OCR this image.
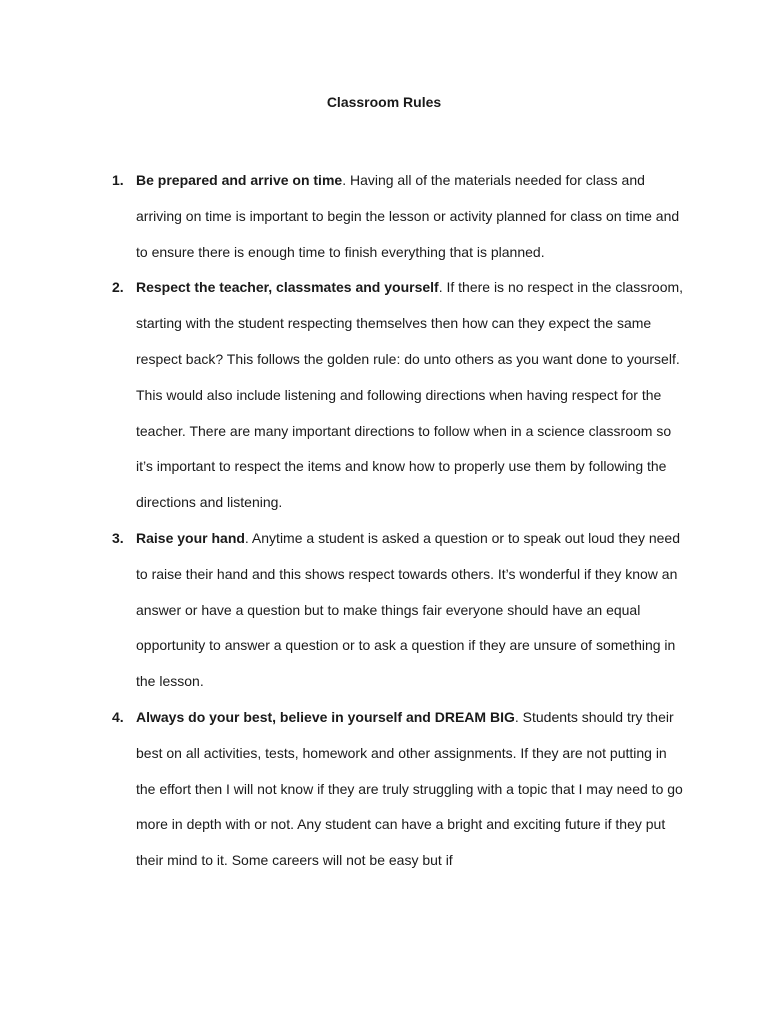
Classroom Rules
1. Be prepared and arrive on time. Having all of the materials needed for class and arriving on time is important to begin the lesson or activity planned for class on time and to ensure there is enough time to finish everything that is planned.
2. Respect the teacher, classmates and yourself. If there is no respect in the classroom, starting with the student respecting themselves then how can they expect the same respect back? This follows the golden rule: do unto others as you want done to yourself. This would also include listening and following directions when having respect for the teacher. There are many important directions to follow when in a science classroom so it’s important to respect the items and know how to properly use them by following the directions and listening.
3. Raise your hand. Anytime a student is asked a question or to speak out loud they need to raise their hand and this shows respect towards others. It’s wonderful if they know an answer or have a question but to make things fair everyone should have an equal opportunity to answer a question or to ask a question if they are unsure of something in the lesson.
4. Always do your best, believe in yourself and DREAM BIG. Students should try their best on all activities, tests, homework and other assignments. If they are not putting in the effort then I will not know if they are truly struggling with a topic that I may need to go more in depth with or not. Any student can have a bright and exciting future if they put their mind to it. Some careers will not be easy but if
